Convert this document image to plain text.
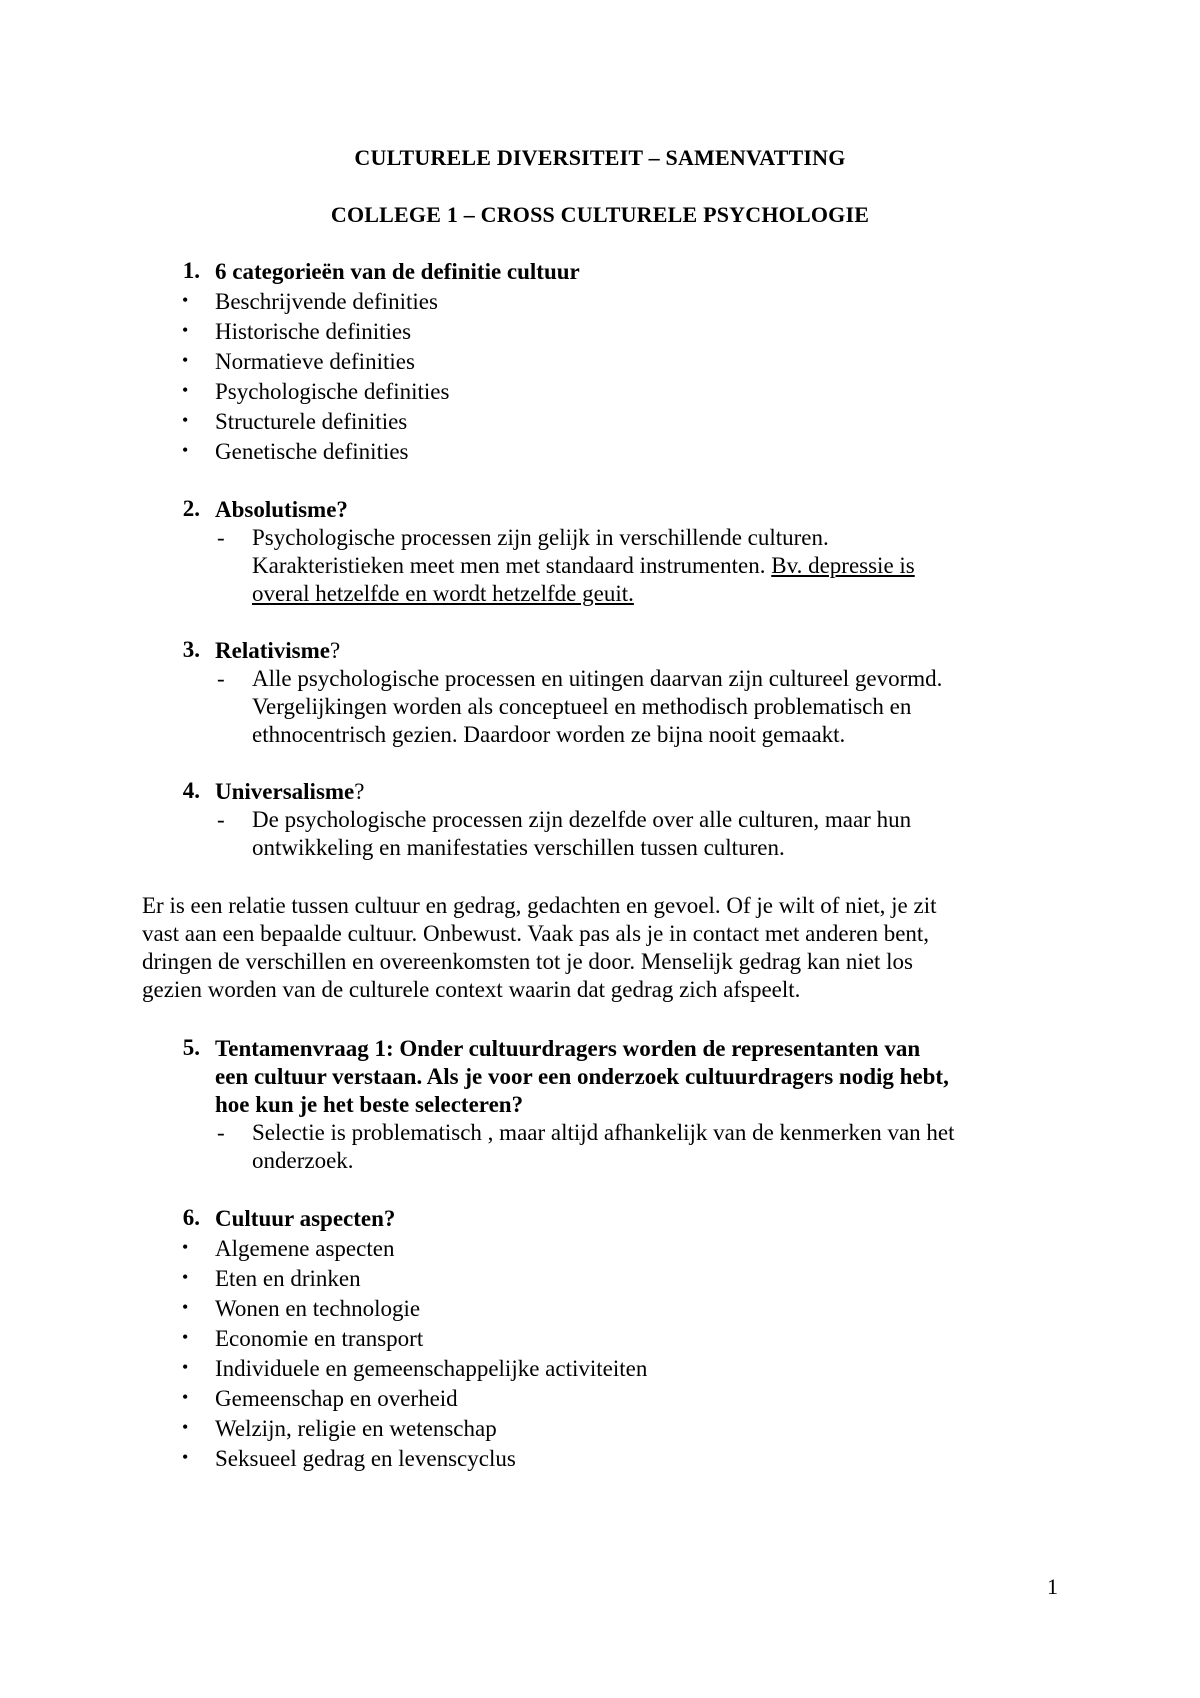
CULTURELE DIVERSITEIT – SAMENVATTING
COLLEGE 1 – CROSS CULTURELE PSYCHOLOGIE
1. 6 categorieën van de definitie cultuur
• Beschrijvende definities
• Historische definities
• Normatieve definities
• Psychologische definities
• Structurele definities
• Genetische definities
2. Absolutisme?
- Psychologische processen zijn gelijk in verschillende culturen.
Karakteristieken meet men met standaard instrumenten. Bv. depressie is
overal hetzelfde en wordt hetzelfde geuit.
3. Relativisme?
- Alle psychologische processen en uitingen daarvan zijn cultureel gevormd.
Vergelijkingen worden als conceptueel en methodisch problematisch en
ethnocentrisch gezien. Daardoor worden ze bijna nooit gemaakt.
4. Universalisme?
- De psychologische processen zijn dezelfde over alle culturen, maar hun
ontwikkeling en manifestaties verschillen tussen culturen.
Er is een relatie tussen cultuur en gedrag, gedachten en gevoel. Of je wilt of niet, je zit
vast aan een bepaalde cultuur. Onbewust. Vaak pas als je in contact met anderen bent,
dringen de verschillen en overeenkomsten tot je door. Menselijk gedrag kan niet los
gezien worden van de culturele context waarin dat gedrag zich afspeelt.
5. Tentamenvraag 1: Onder cultuurdragers worden de representanten van
een cultuur verstaan. Als je voor een onderzoek cultuurdragers nodig hebt,
hoe kun je het beste selecteren?
- Selectie is problematisch , maar altijd afhankelijk van de kenmerken van het
onderzoek.
6. Cultuur aspecten?
• Algemene aspecten
• Eten en drinken
• Wonen en technologie
• Economie en transport
• Individuele en gemeenschappelijke activiteiten
• Gemeenschap en overheid
• Welzijn, religie en wetenschap
• Seksueel gedrag en levenscyclus
1
